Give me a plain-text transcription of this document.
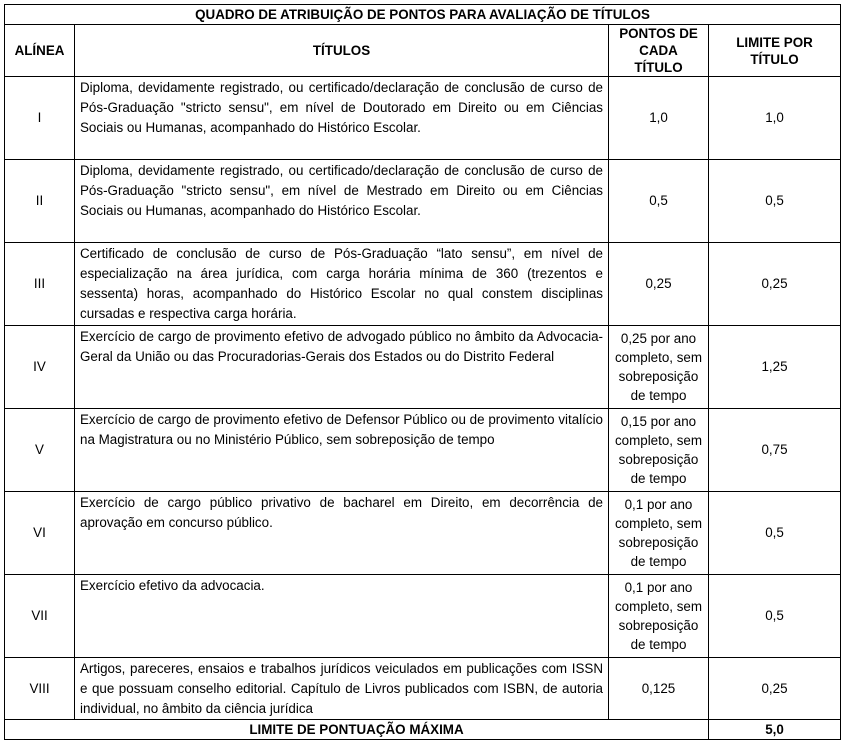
QUADRO DE ATRIBUIÇÃO DE PONTOS PARA AVALIAÇÃO DE TÍTULOS			
ALÍNEA	TÍTULOS	PONTOS DE CADA TÍTULO	LIMITE POR TÍTULO
I	Diploma, devidamente registrado, ou certificado/declaração de conclusão de curso de Pós-Graduação "stricto sensu", em nível de Doutorado em Direito ou em Ciências Sociais ou Humanas, acompanhado do Histórico Escolar.	1,0	1,0
II	Diploma, devidamente registrado, ou certificado/declaração de conclusão de curso de Pós-Graduação "stricto sensu", em nível de Mestrado em Direito ou em Ciências Sociais ou Humanas, acompanhado do Histórico Escolar.	0,5	0,5
III	Certificado de conclusão de curso de Pós-Graduação “lato sensu”, em nível de especialização na área jurídica, com carga horária mínima de 360 (trezentos e sessenta) horas, acompanhado do Histórico Escolar no qual constem disciplinas cursadas e respectiva carga horária.	0,25	0,25
IV	Exercício de cargo de provimento efetivo de advogado público no âmbito da Advocacia-Geral da União ou das Procuradorias-Gerais dos Estados ou do Distrito Federal	0,25 por ano completo, sem sobreposição de tempo	1,25
V	Exercício de cargo de provimento efetivo de Defensor Público ou de provimento vitalício na Magistratura ou no Ministério Público, sem sobreposição de tempo	0,15 por ano completo, sem sobreposição de tempo	0,75
VI	Exercício de cargo público privativo de bacharel em Direito, em decorrência de aprovação em concurso público.	0,1 por ano completo, sem sobreposição de tempo	0,5
VII	Exercício efetivo da advocacia.	0,1 por ano completo, sem sobreposição de tempo	0,5
VIII	Artigos, pareceres, ensaios e trabalhos jurídicos veiculados em publicações com ISSN e que possuam conselho editorial. Capítulo de Livros publicados com ISBN, de autoria individual, no âmbito da ciência jurídica	0,125	0,25
LIMITE DE PONTUAÇÃO MÁXIMA			5,0
